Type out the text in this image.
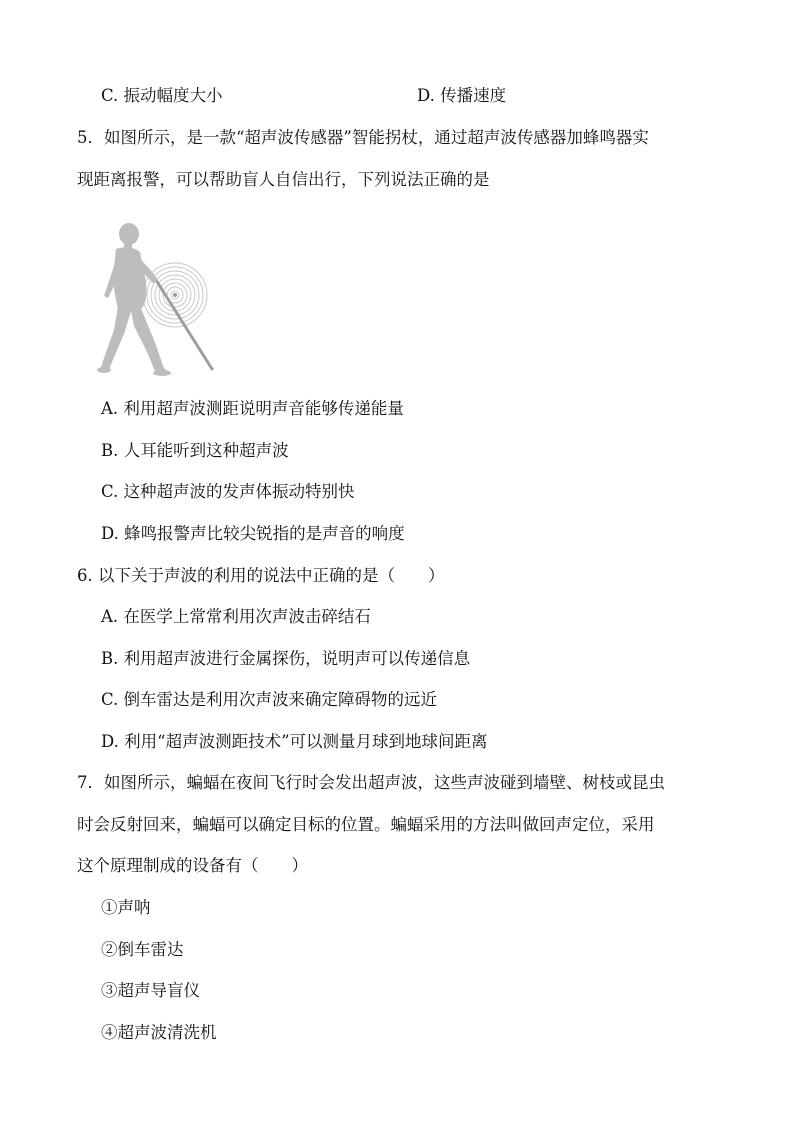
C. 振动幅度大小	D. 传播速度
5．如图所示，是一款“超声波传感器”智能拐杖，通过超声波传感器加蜂鸣器实
现距离报警，可以帮助盲人自信出行，下列说法正确的是
A. 利用超声波测距说明声音能够传递能量
B. 人耳能听到这种超声波
C. 这种超声波的发声体振动特别快
D. 蜂鸣报警声比较尖锐指的是声音的响度
6. 以下关于声波的利用的说法中正确的是（　　）
A. 在医学上常常利用次声波击碎结石
B. 利用超声波进行金属探伤，说明声可以传递信息
C. 倒车雷达是利用次声波来确定障碍物的远近
D. 利用“超声波测距技术”可以测量月球到地球间距离
7．如图所示，蝙蝠在夜间飞行时会发出超声波，这些声波碰到墙壁、树枝或昆虫
时会反射回来，蝙蝠可以确定目标的位置。蝙蝠采用的方法叫做回声定位，采用
这个原理制成的设备有（　　）
①声呐
②倒车雷达
③超声导盲仪
④超声波清洗机
